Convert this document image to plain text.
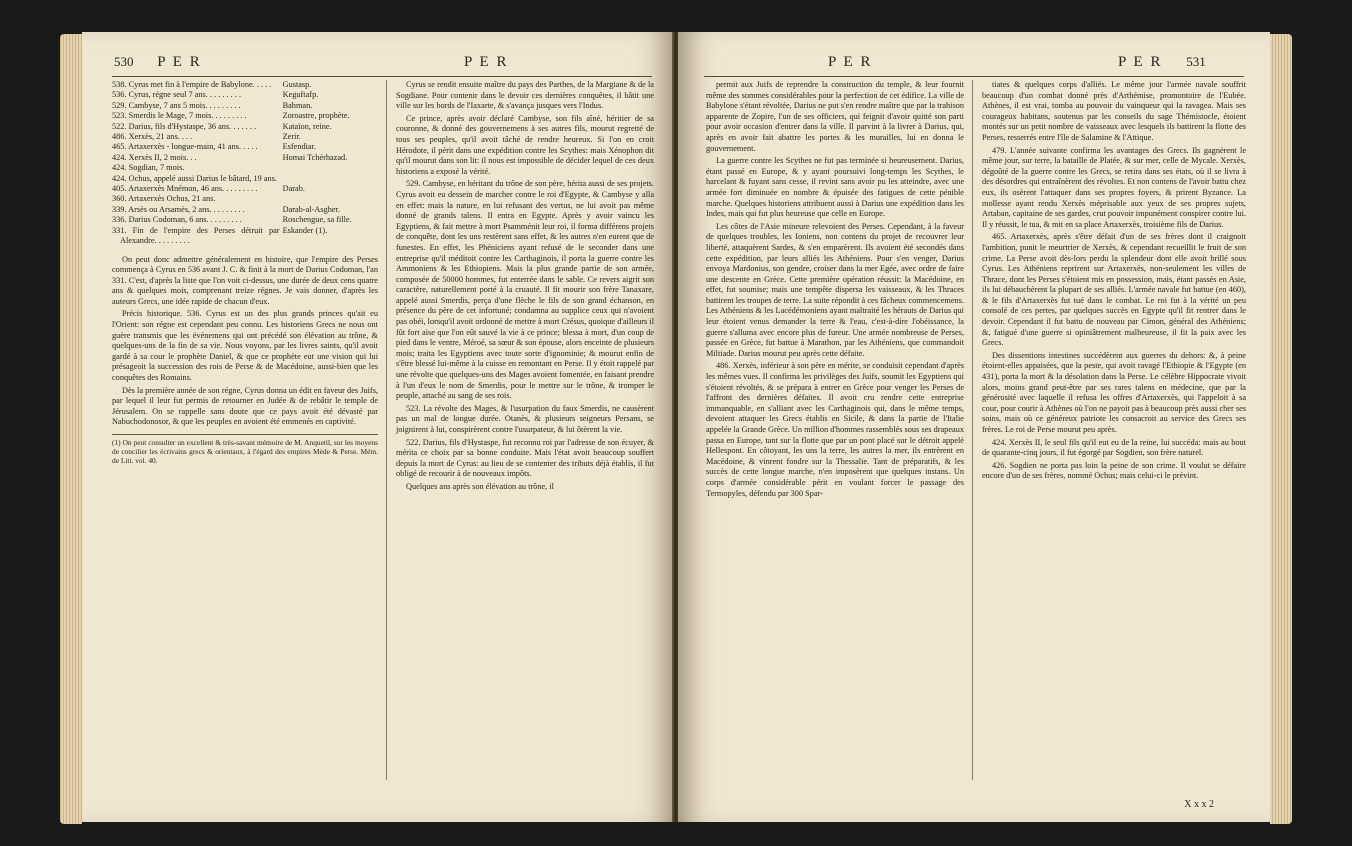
530 P E R	P E R
538. Cyrus met fin à l'empire de Babylone. . . . .	Gustasp.
536. Cyrus, régne seul 7 ans. . . . . . . . .	Keguftafp.
529. Cambyse, 7 ans 5 mois. . . . . . . . .	Bahman.
523. Smerdis le Mage, 7 mois. . . . . . . . .	Zoroastre, prophète.
522. Darius, fils d'Hystaspe, 36 ans. . . . . . .	Kataïon, reine.
486. Xerxès, 21 ans. . . .	Zerir.
465. Artaxerxès - longue-main, 41 ans. . . . .	Esfendiar.
424. Xerxès II, 2 mois. . .	Homai Tchérhazad.
424. Sogdian, 7 mois.	
424. Ochus, appelé aussi Darius le bâtard, 19 ans.	
405. Artaxerxès Mnémon, 46 ans. . . . . . . . .	Darab.
360. Artaxerxès Ochus, 21 ans.	
339. Arsès ou Arsamès, 2 ans. . . . . . . . .	Darab-al-Asgher.
336. Darius Codoman, 6 ans. . . . . . . . .	Roschengue, sa fille.
331. Fin de l'empire des Perses détruit par Alexandre. . . . . . . . .	Eskander (1).

On peut donc admettre généralement en histoire, que l'empire des Perses commença à Cyrus en 536 avant J. C. & finit à la mort de Darius Codoman, l'an 331. C'est, d'après la liste que l'on voit ci-dessus, une durée de deux cens quatre ans & quelques mois, comprenant treize régnes. Je vais donner, d'après les auteurs Grecs, une idée rapide de chacun d'eux.

Précis historique. 536. Cyrus est un des plus grands princes qu'ait eu l'Orient: son régne est cependant peu connu. Les historiens Grecs ne nous ont guère transmis que les événemens qui ont précédé son élévation au trône, & quelques-uns de la fin de sa vie. Nous voyons, par les livres saints, qu'il avoit gardé à sa cour le prophète Daniel, & que ce prophète eut une vision qui lui présageoit la succession des rois de Perse & de Macédoine, aussi-bien que les conquêtes des Romains.

Dès la première année de son régne, Cyrus donna un édit en faveur des Juifs, par lequel il leur fut permis de retourner en Judée & de rebâtir le temple de Jérusalem. On se rappelle sans doute que ce pays avoit été dévasté par Nabuchodonosor, & que les peuples en avoient été emmenés en captivité.

(1) On peut consulter un excellent & très-savant mémoire de M. Anquetil, sur les moyens de concilier les écrivains grecs & orientaux, à l'égard des empires Mède & Perse. Mém. de Litt. vol. 40.

Cyrus se rendit ensuite maître du pays des Parthes, de la Margiane & de la Sogdiane. Pour contenir dans le devoir ces dernières conquêtes, il bâtit une ville sur les bords de l'Iaxarte, & s'avança jusques vers l'Indus.

Ce prince, après avoir déclaré Cambyse, son fils aîné, héritier de sa couronne, & donné des gouvernemens à ses autres fils, mourut regretté de tous ses peuples, qu'il avoit tâché de rendre heureux. Si l'on en croit Hérodote, il périt dans une expédition contre les Scythes: mais Xénophon dit qu'il mourut dans son lit: il nous est impossible de décider lequel de ces deux historiens a exposé la vérité.

529. Cambyse, en héritant du trône de son père, hérita aussi de ses projets. Cyrus avoit eu dessein de marcher contre le roi d'Egypte, & Cambyse y alla en effet: mais la nature, en lui refusant des vertus, ne lui avoit pas même donné de grands talens. Il entra en Egypte. Après y avoir vaincu les Egyptiens, & fait mettre à mort Psamménit leur roi, il forma différens projets de conquête, dont les uns restèrent sans effet, & les autres n'en eurent que de funestes. En effet, les Phéniciens ayant refusé de le seconder dans une entreprise qu'il méditoit contre les Carthaginois, il porta la guerre contre les Ammoniens & les Ethiopiens. Mais la plus grande partie de son armée, composée de 50000 hommes, fut enterrée dans le sable. Ce revers aigrit son caractère, naturellement porté à la cruauté. Il fit mourir son frère Tanaxare, appelé aussi Smerdis, perça d'une flèche le fils de son grand échanson, en présence du père de cet infortuné; condamna au supplice ceux qui n'avoient pas obéi, lorsqu'il avoit ordonné de mettre à mort Crésus, quoique d'ailleurs il fût fort aise que l'on eût sauvé la vie à ce prince; blessa à mort, d'un coup de pied dans le ventre, Méroé, sa sœur & son épouse, alors enceinte de plusieurs mois; traita les Egyptiens avec toute sorte d'ignominie; & mourut enfin de s'être blessé lui-même à la cuisse en remontant en Perse. Il y étoit rappelé par une révolte que quelques-uns des Mages avoient fomentée, en faisant prendre à l'un d'eux le nom de Smerdis, pour le mettre sur le trône, & tromper le peuple, attaché au sang de ses rois.

523. La révolte des Mages, & l'usurpation du faux Smerdis, ne causèrent pas un mal de longue durée. Otanès, & plusieurs seigneurs Persans, se joignirent à lui, conspirèrent contre l'usurpateur, & lui ôtèrent la vie.

522. Darius, fils d'Hystaspe, fut reconnu roi par l'adresse de son écuyer, & mérita ce choix par sa bonne conduite. Mais l'état avoit beaucoup souffert depuis la mort de Cyrus: au lieu de se contenter des tributs déjà établis, il fut obligé de recourir à de nouveaux impôts.

Quelques ans après son élévation au trône, il

P E R	P E R 531

permit aux Juifs de reprendre la construction du temple, & leur fournit même des sommes considérables pour la perfection de cet édifice. La ville de Babylone s'étant révoltée, Darius ne put s'en rendre maître que par la trahison apparente de Zopire, l'un de ses officiers, qui feignit d'avoir quitté son parti pour avoir occasion d'entrer dans la ville. Il parvint à la livrer à Darius, qui, après en avoir fait abattre les portes & les murailles, lui en donna le gouvernement.

La guerre contre les Scythes ne fut pas terminée si heureusement. Darius, étant passé en Europe, & y ayant poursuivi long-temps les Scythes, le harcelant & fuyant sans cesse, il revint sans avoir pu les atteindre, avec une armée fort diminuée en nombre & épuisée des fatigues de cette pénible marche. Quelques historiens attribuent aussi à Darius une expédition dans les Indes, mais qui fut plus heureuse que celle en Europe.

Les côtes de l'Asie mineure relevoient des Perses. Cependant, à la faveur de quelques troubles, les Ioniens, non contens du projet de recouvrer leur liberté, attaquèrent Sardes, & s'en emparèrent. Ils avoient été secondés dans cette expédition, par leurs alliés les Athéniens. Pour s'en venger, Darius envoya Mardonius, son gendre, croiser dans la mer Egée, avec ordre de faire une descente en Grèce. Cette première opération réussit: la Macédoine, en effet, fut soumise; mais une tempête dispersa les vaisseaux, & les Thraces battirent les troupes de terre. La suite répondit à ces fâcheux commencemens. Les Athéniens & les Lacédémoniens ayant maltraité les hérauts de Darius qui leur étoient venus demander la terre & l'eau, c'est-à-dire l'obéissance, la guerre s'alluma avec encore plus de fureur. Une armée nombreuse de Perses, passée en Grèce, fut battue à Marathon, par les Athéniens, que commandoit Miltiade. Darius mourut peu après cette défaite.

486. Xerxès, inférieur à son père en mérite, se conduisit cependant d'après les mêmes vues. Il confirma les privilèges des Juifs, soumit les Egyptiens qui s'étoient révoltés, & se prépara à entrer en Grèce pour venger les Perses de l'affront des dernières défaites. Il avoit cru rendre cette entreprise immanquable, en s'alliant avec les Carthaginois qui, dans le même temps, devoient attaquer les Grecs établis en Sicile, & dans la partie de l'Italie appelée la Grande Grèce. Un million d'hommes rassemblés sous ses drapeaux passa en Europe, tant sur la flotte que par un pont placé sur le détroit appelé Hellespont. En côtoyant, les uns la terre, les autres la mer, ils entrèrent en Macédoine, & vinrent fondre sur la Thessalie. Tant de préparatifs, & les succès de cette longue marche, n'en imposèrent que quelques instans. Un corps d'armée considérable périt en voulant forcer le passage des Termopyles, défendu par 300 Spar-

tiates & quelques corps d'alliés. Le même jour l'armée navale souffrit beaucoup d'un combat donné près d'Arthémise, promontoire de l'Eubée. Athènes, il est vrai, tomba au pouvoir du vainqueur qui la ravagea. Mais ses courageux habitans, soutenus par les conseils du sage Thémistocle, étoient montés sur un petit nombre de vaisseaux avec lesquels ils battirent la flotte des Perses, resserrés entre l'île de Salamine & l'Attique.

479. L'année suivante confirma les avantages des Grecs. Ils gagnèrent le même jour, sur terre, la bataille de Platée, & sur mer, celle de Mycale. Xerxès, dégoûté de la guerre contre les Grecs, se retira dans ses états, où il se livra à des désordres qui entraînèrent des révoltes. Et non contens de l'avoir battu chez eux, ils osèrent l'attaquer dans ses propres foyers, & prirent Byzance. La mollesse ayant rendu Xerxès méprisable aux yeux de ses propres sujets, Artaban, capitaine de ses gardes, crut pouvoir impunément conspirer contre lui. Il y réussit, le tua, & mit en sa place Artaxerxès, troisième fils de Darius.

465. Artaxerxès, après s'être défait d'un de ses frères dont il craignoit l'ambition, punit le meurtrier de Xerxès, & cependant recueillit le fruit de son crime. La Perse avoit dès-lors perdu la splendeur dont elle avoit brillé sous Cyrus. Les Athéniens reprirent sur Artaxerxès, non-seulement les villes de Thrace, dont les Perses s'étoient mis en possession, mais, étant passés en Asie, ils lui débauchèrent la plupart de ses alliés. L'armée navale fut battue (en 460), & le fils d'Artaxerxès fut tué dans le combat. Le roi fut à la vérité un peu consolé de ces pertes, par quelques succès en Egypte qu'il fit rentrer dans le devoir. Cependant il fut battu de nouveau par Cimon, général des Athéniens; &, fatigué d'une guerre si opiniâtrement malheureuse, il fit la paix avec les Grecs.

Des dissentions intestines succédèrent aux guerres du dehors: &, à peine étoient-elles appaisées, que la peste, qui avoit ravagé l'Ethiopie & l'Egypte (en 431), porta la mort & la désolation dans la Perse. Le célèbre Hippocrate vivoit alors, moins grand peut-être par ses rares talens en médecine, que par la générosité avec laquelle il refusa les offres d'Artaxerxès, qui l'appeloit à sa cour, pour courir à Athènes où l'on ne payoit pas à beaucoup près aussi cher ses soins, mais où ce généreux patriote les consacroit au service des Grecs ses frères. Le roi de Perse mourut peu après.

424. Xerxès II, le seul fils qu'il eut eu de la reine, lui succéda: mais au bout de quarante-cinq jours, il fut égorgé par Sogdien, son frère naturel.

426. Sogdien ne porta pas loin la peine de son crime. Il voulut se défaire encore d'un de ses frères, nommé Ochus; mais celui-ci le prévint.

X x x 2
